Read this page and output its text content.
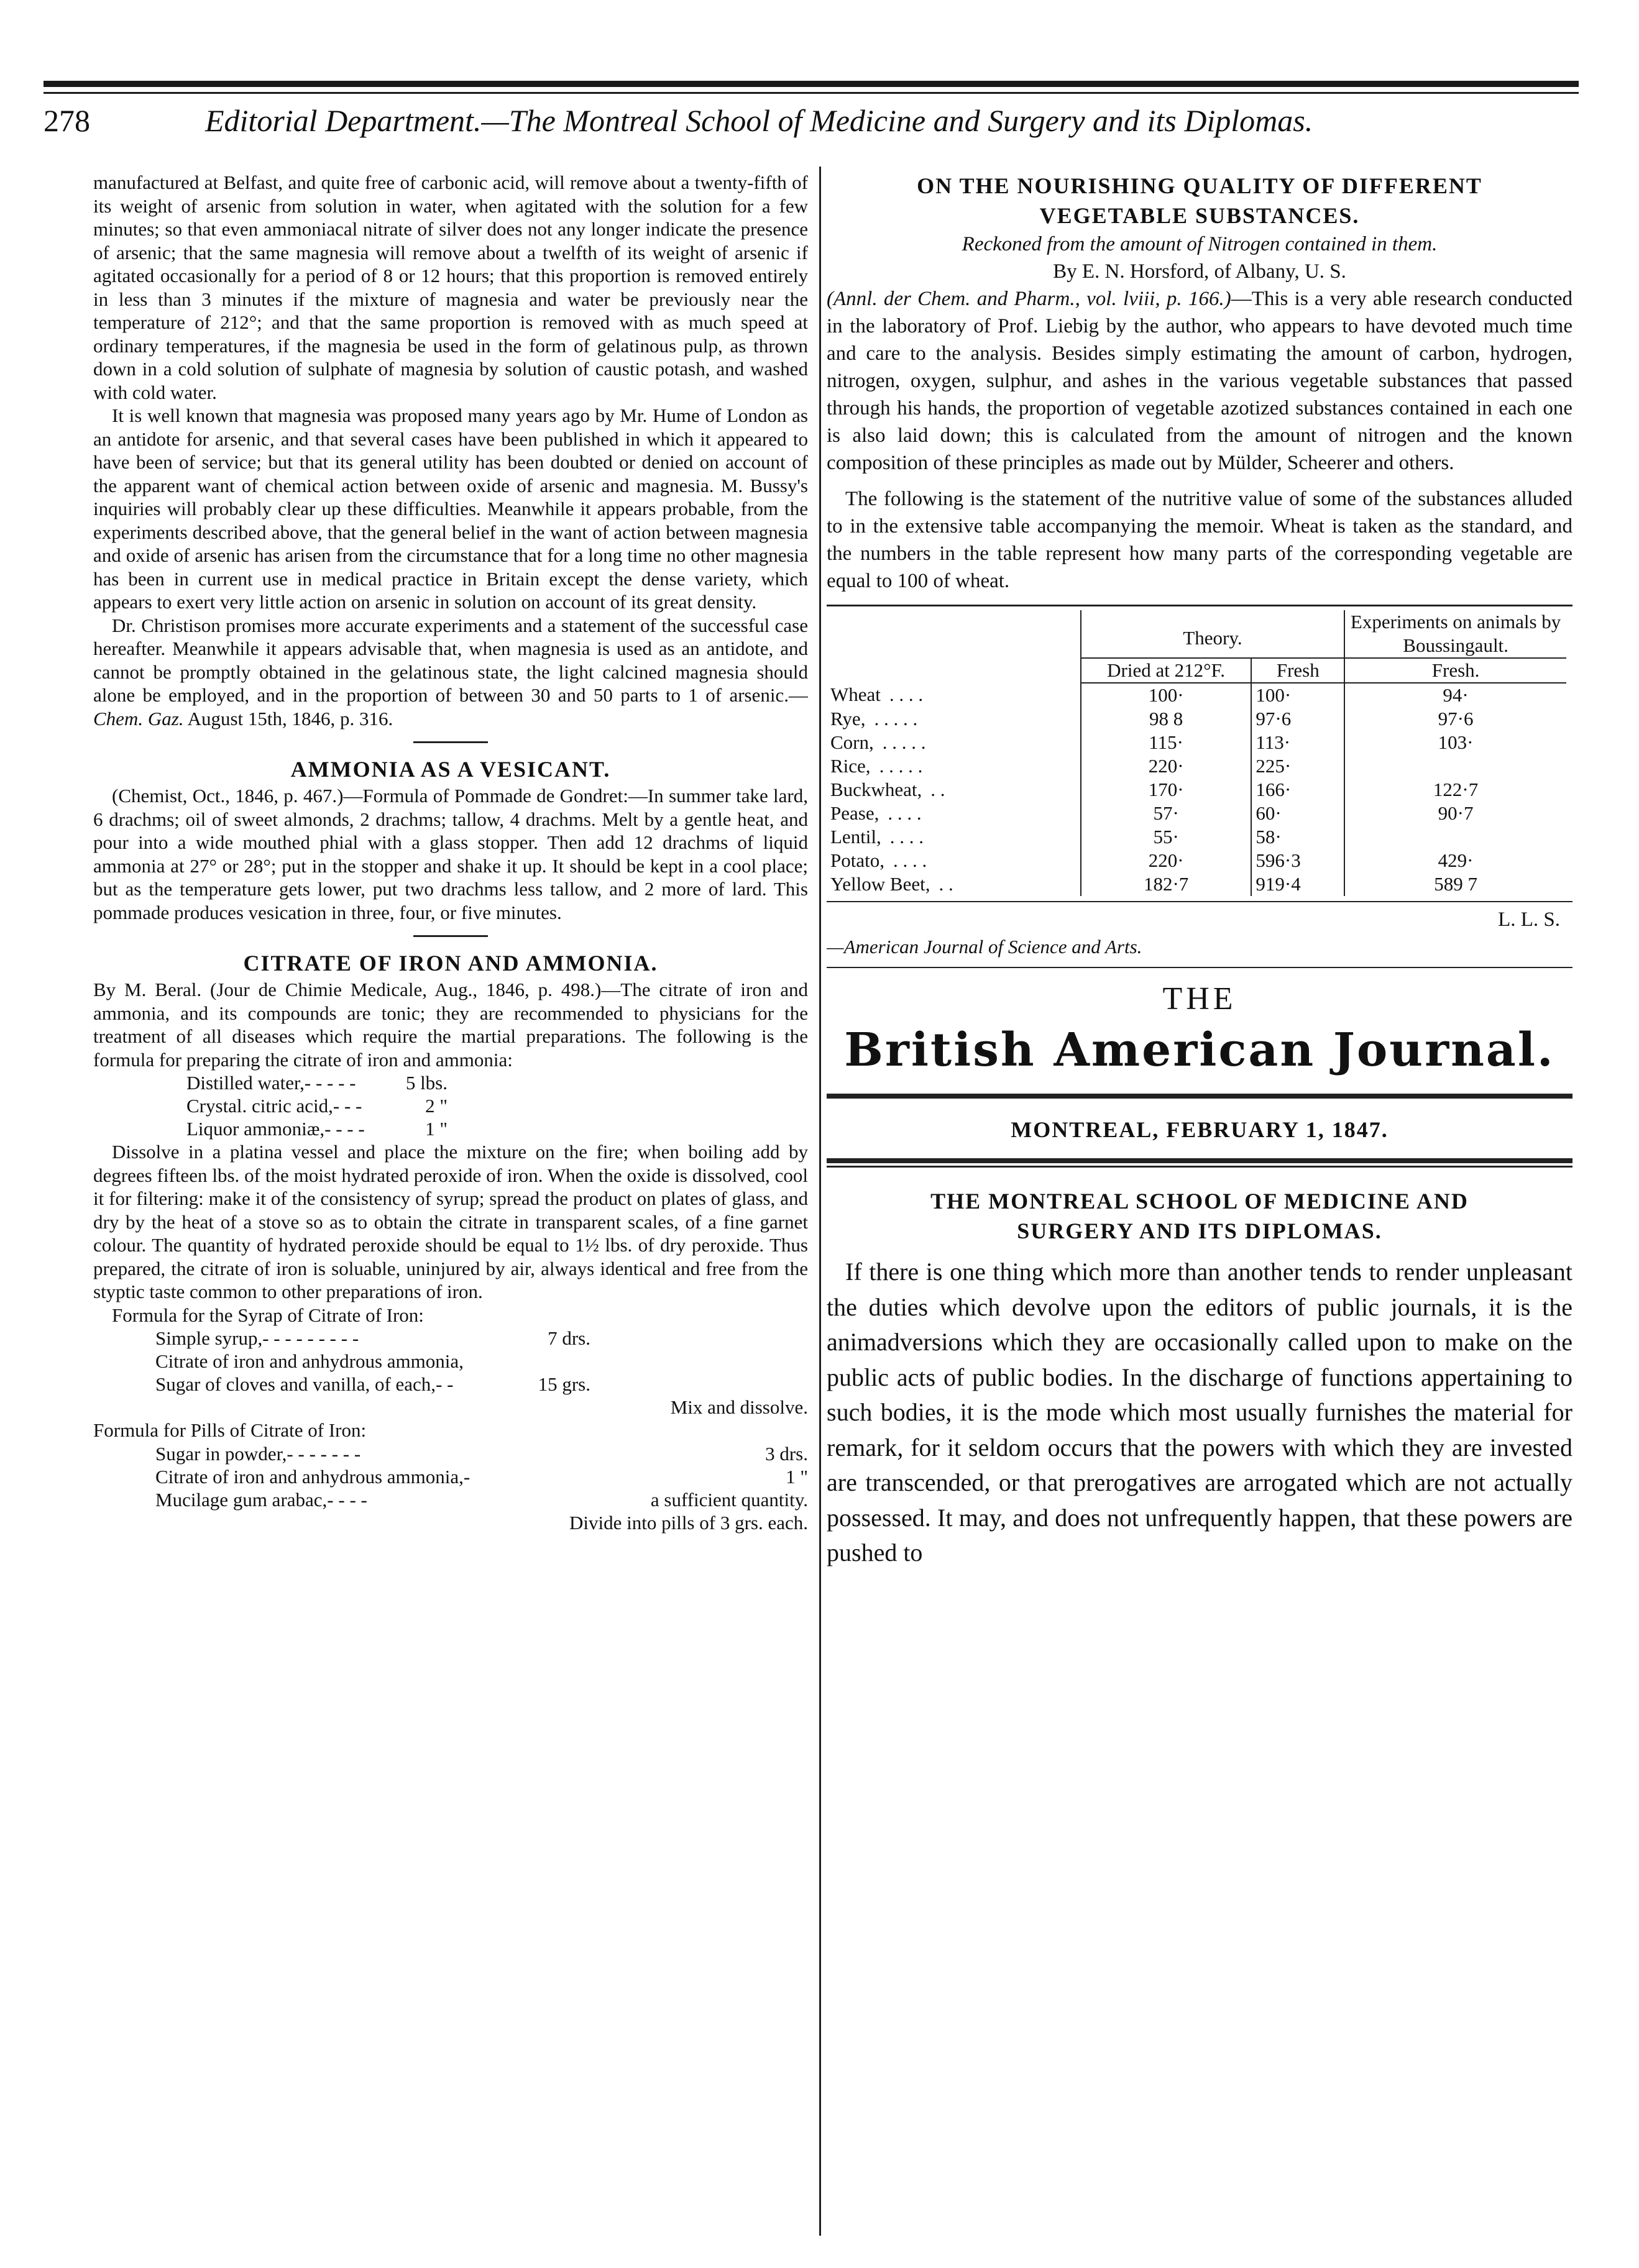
278	Editorial Department.—The Montreal School of Medicine and Surgery and its Diplomas.

manufactured at Belfast, and quite free of carbonic acid, will remove about a twenty-fifth of its weight of arsenic from solution in water, when agitated with the solution for a few minutes; so that even ammoniacal nitrate of silver does not any longer indicate the presence of arsenic; that the same magnesia will remove about a twelfth of its weight of arsenic if agitated occasionally for a period of 8 or 12 hours; that this proportion is removed entirely in less than 3 minutes if the mixture of magnesia and water be previously near the temperature of 212°; and that the same proportion is removed with as much speed at ordinary temperatures, if the magnesia be used in the form of gelatinous pulp, as thrown down in a cold solution of sulphate of magnesia by solution of caustic potash, and washed with cold water.

It is well known that magnesia was proposed many years ago by Mr. Hume of London as an antidote for arsenic, and that several cases have been published in which it appeared to have been of service; but that its general utility has been doubted or denied on account of the apparent want of chemical action between oxide of arsenic and magnesia. M. Bussy's inquiries will probably clear up these difficulties. Meanwhile it appears probable, from the experiments described above, that the general belief in the want of action between magnesia and oxide of arsenic has arisen from the circumstance that for a long time no other magnesia has been in current use in medical practice in Britain except the dense variety, which appears to exert very little action on arsenic in solution on account of its great density.

Dr. Christison promises more accurate experiments and a statement of the successful case hereafter. Meanwhile it appears advisable that, when magnesia is used as an antidote, and cannot be promptly obtained in the gelatinous state, the light calcined magnesia should alone be employed, and in the proportion of between 30 and 50 parts to 1 of arsenic.—Chem. Gaz. August 15th, 1846, p. 316.

AMMONIA AS A VESICANT.

(Chemist, Oct., 1846, p. 467.)—Formula of Pommade de Gondret:—In summer take lard, 6 drachms; oil of sweet almonds, 2 drachms; tallow, 4 drachms. Melt by a gentle heat, and pour into a wide mouthed phial with a glass stopper. Then add 12 drachms of liquid ammonia at 27° or 28°; put in the stopper and shake it up. It should be kept in a cool place; but as the temperature gets lower, put two drachms less tallow, and 2 more of lard. This pommade produces vesication in three, four, or five minutes.

CITRATE OF IRON AND AMMONIA.

By M. Beral. (Jour de Chimie Medicale, Aug., 1846, p. 498.)—The citrate of iron and ammonia, and its compounds are tonic; they are recommended to physicians for the treatment of all diseases which require the martial preparations. The following is the formula for preparing the citrate of iron and ammonia:

Distilled water, - - - - -	5 lbs.
Crystal. citric acid, - - -	2 "
Liquor ammoniæ, - - - -	1 "

Dissolve in a platina vessel and place the mixture on the fire; when boiling add by degrees fifteen lbs. of the moist hydrated peroxide of iron. When the oxide is dissolved, cool it for filtering: make it of the consistency of syrup; spread the product on plates of glass, and dry by the heat of a stove so as to obtain the citrate in transparent scales, of a fine garnet colour. The quantity of hydrated peroxide should be equal to 1½ lbs. of dry peroxide. Thus prepared, the citrate of iron is soluable, uninjured by air, always identical and free from the styptic taste common to other preparations of iron.

Formula for the Syrap of Citrate of Iron:

Simple syrup, - - - - - - - - -	7 drs.
Citrate of iron and anhydrous ammonia,
Sugar of cloves and vanilla, of each, - -	15 grs.
Mix and dissolve.

Formula for Pills of Citrate of Iron:

Sugar in powder, - - - - - - -	3 drs.
Citrate of iron and anhydrous ammonia, -	1 "
Mucilage gum arabac, - - - -	a sufficient quantity.
Divide into pills of 3 grs. each.
ON THE NOURISHING QUALITY OF DIFFERENT
VEGETABLE SUBSTANCES.

Reckoned from the amount of Nitrogen contained in them.

By E. N. Horsford, of Albany, U. S.

(Annl. der Chem. and Pharm., vol. lviii, p. 166.)—This is a very able research conducted in the laboratory of Prof. Liebig by the author, who appears to have devoted much time and care to the analysis. Besides simply estimating the amount of carbon, hydrogen, nitrogen, oxygen, sulphur, and ashes in the various vegetable substances that passed through his hands, the proportion of vegetable azotized substances contained in each one is also laid down; this is calculated from the amount of nitrogen and the known composition of these principles as made out by Mülder, Scheerer and others.

The following is the statement of the nutritive value of some of the substances alluded to in the extensive table accompanying the memoir. Wheat is taken as the standard, and the numbers in the table represent how many parts of the corresponding vegetable are equal to 100 of wheat.

	Theory.		Experiments on animals by Boussingault.
	Dried at 212°F.	Fresh	Fresh.
Wheat . . . .	100·	100·	94·
Rye, . . . . .	98 8	97·6	97·6
Corn, . . . . .	115·	113·	103·
Rice, . . . . .	220·	225·	
Buckwheat, . .	170·	166·	122·7
Pease, . . . .	57·	60·	90·7
Lentil, . . . .	55·	58·	
Potato, . . . .	220·	596·3	429·
Yellow Beet, . .	182·7	919·4	589 7

L. L. S.

—American Journal of Science and Arts.

THE
British American Journal.
MONTREAL, FEBRUARY 1, 1847.
THE MONTREAL SCHOOL OF MEDICINE AND
SURGERY AND ITS DIPLOMAS.

If there is one thing which more than another tends to render unpleasant the duties which devolve upon the editors of public journals, it is the animadversions which they are occasionally called upon to make on the public acts of public bodies. In the discharge of functions appertaining to such bodies, it is the mode which most usually furnishes the material for remark, for it seldom occurs that the powers with which they are invested are transcended, or that prerogatives are arrogated which are not actually possessed. It may, and does not unfrequently happen, that these powers are pushed to
